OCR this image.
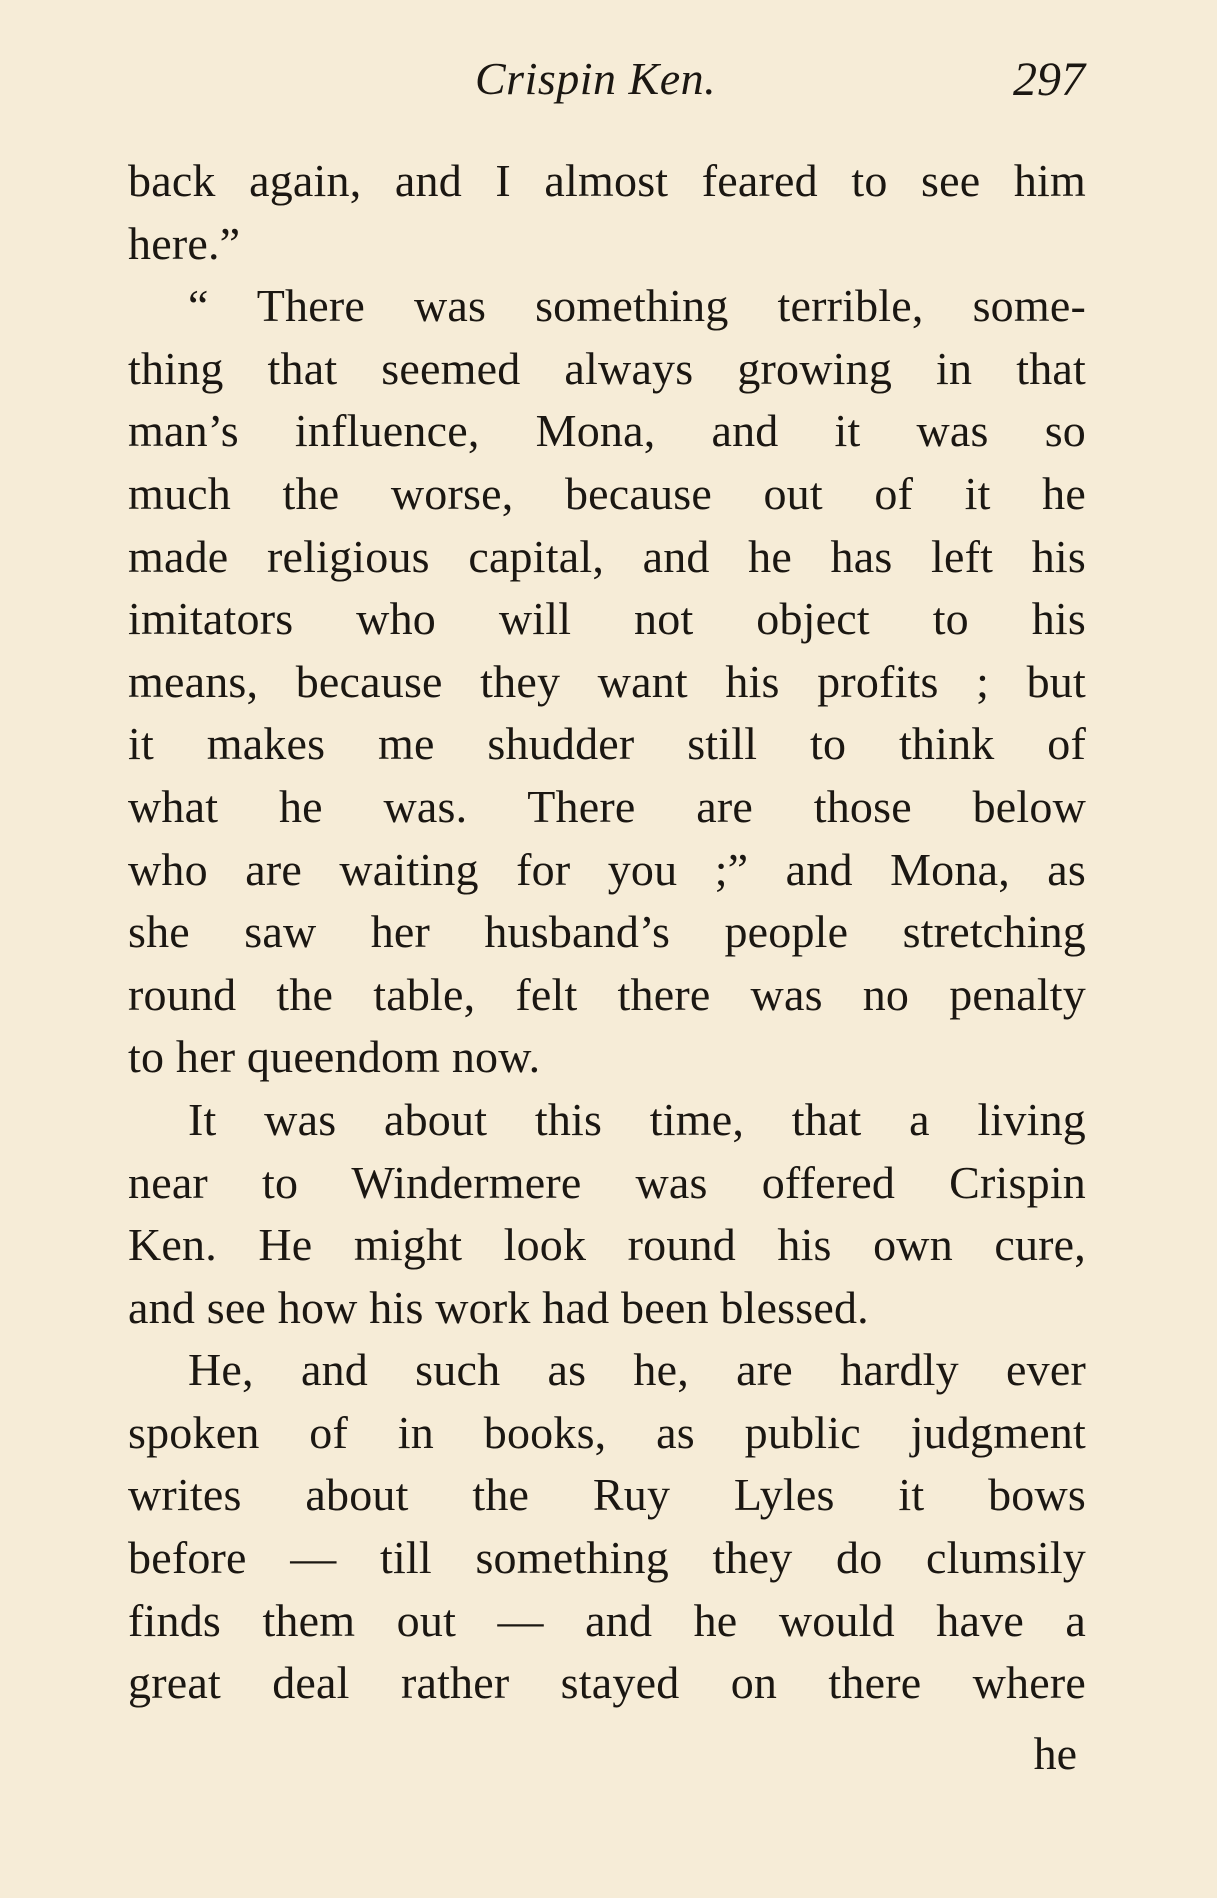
Crispin Ken.	297
back again, and I almost feared to see him
here.”
“ There was something terrible, some-
thing that seemed always growing in that
man’s influence, Mona, and it was so
much the worse, because out of it he
made religious capital, and he has left his
imitators who will not object to his
means, because they want his profits ; but
it makes me shudder still to think of
what he was. There are those below
who are waiting for you ;” and Mona, as
she saw her husband’s people stretching
round the table, felt there was no penalty
to her queendom now.
It was about this time, that a living
near to Windermere was offered Crispin
Ken. He might look round his own cure,
and see how his work had been blessed.
He, and such as he, are hardly ever
spoken of in books, as public judgment
writes about the Ruy Lyles it bows
before — till something they do clumsily
finds them out — and he would have a
great deal rather stayed on there where
he
